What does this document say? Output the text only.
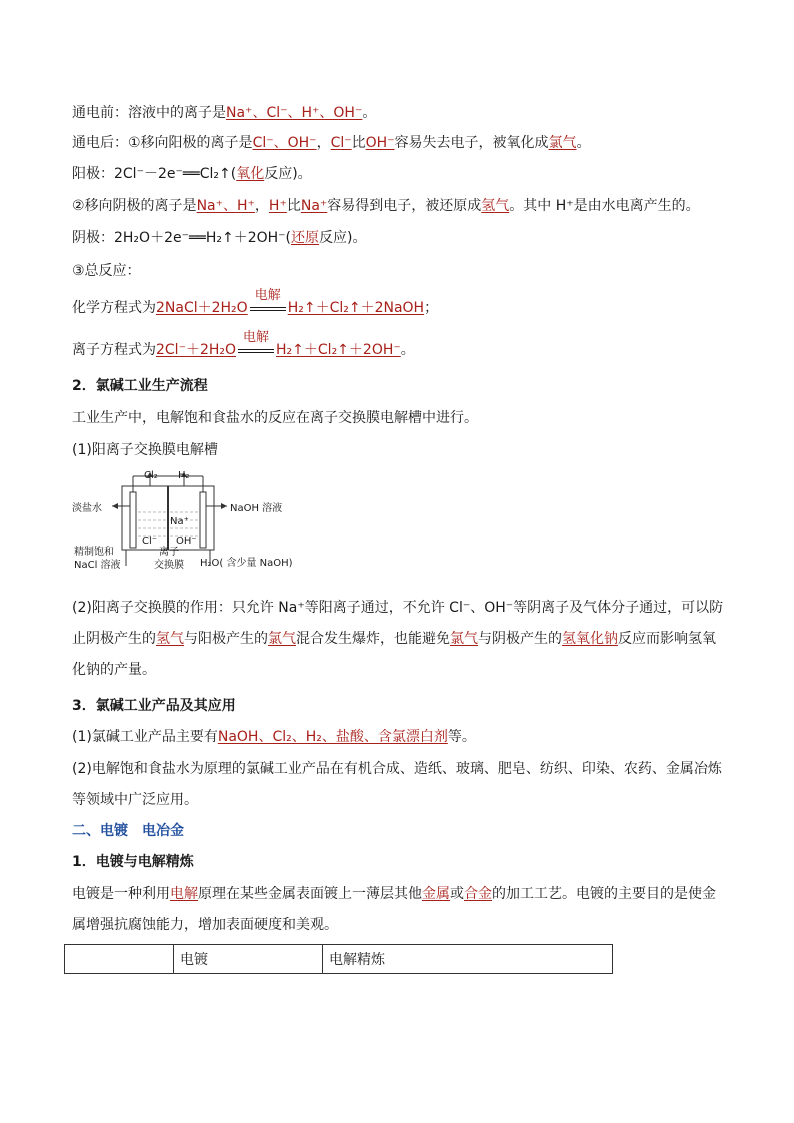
通电前：溶液中的离子是Na⁺、Cl⁻、H⁺、OH⁻。
通电后：①移向阳极的离子是Cl⁻、OH⁻，Cl⁻比OH⁻容易失去电子，被氧化成氯气。
阳极：2Cl⁻－2e⁻══Cl₂↑(氧化反应)。
②移向阴极的离子是Na⁺、H⁺，H⁺比Na⁺容易得到电子，被还原成氢气。其中 H⁺是由水电离产生的。
阴极：2H₂O＋2e⁻══H₂↑＋2OH⁻(还原反应)。
③总反应：
化学方程式为2NaCl＋2H₂O
电解
H₂↑＋Cl₂↑＋2NaOH；
离子方程式为2Cl⁻＋2H₂O
电解
H₂↑＋Cl₂↑＋2OH⁻。
2．氯碱工业生产流程
工业生产中，电解饱和食盐水的反应在离子交换膜电解槽中进行。
(1)阳离子交换膜电解槽
Cl₂ H₂
淡盐水	NaOH 溶液
Na⁺
Cl⁻ OH⁻
精制饱和
NaCl 溶液
离子
交换膜 H₂O( 含少量 NaOH)
(2)阳离子交换膜的作用：只允许 Na⁺等阳离子通过，不允许 Cl⁻、OH⁻等阴离子及气体分子通过，可以防
止阴极产生的氢气与阳极产生的氯气混合发生爆炸，也能避免氯气与阴极产生的氢氧化钠反应而影响氢氧
化钠的产量。
3．氯碱工业产品及其应用
(1)氯碱工业产品主要有NaOH、Cl₂、H₂、盐酸、含氯漂白剂等。
(2)电解饱和食盐水为原理的氯碱工业产品在有机合成、造纸、玻璃、肥皂、纺织、印染、农药、金属冶炼
等领域中广泛应用。
二、电镀　电冶金
1．电镀与电解精炼
电镀是一种利用电解原理在某些金属表面镀上一薄层其他金属或合金的加工工艺。电镀的主要目的是使金
属增强抗腐蚀能力，增加表面硬度和美观。
	电镀	电解精炼
